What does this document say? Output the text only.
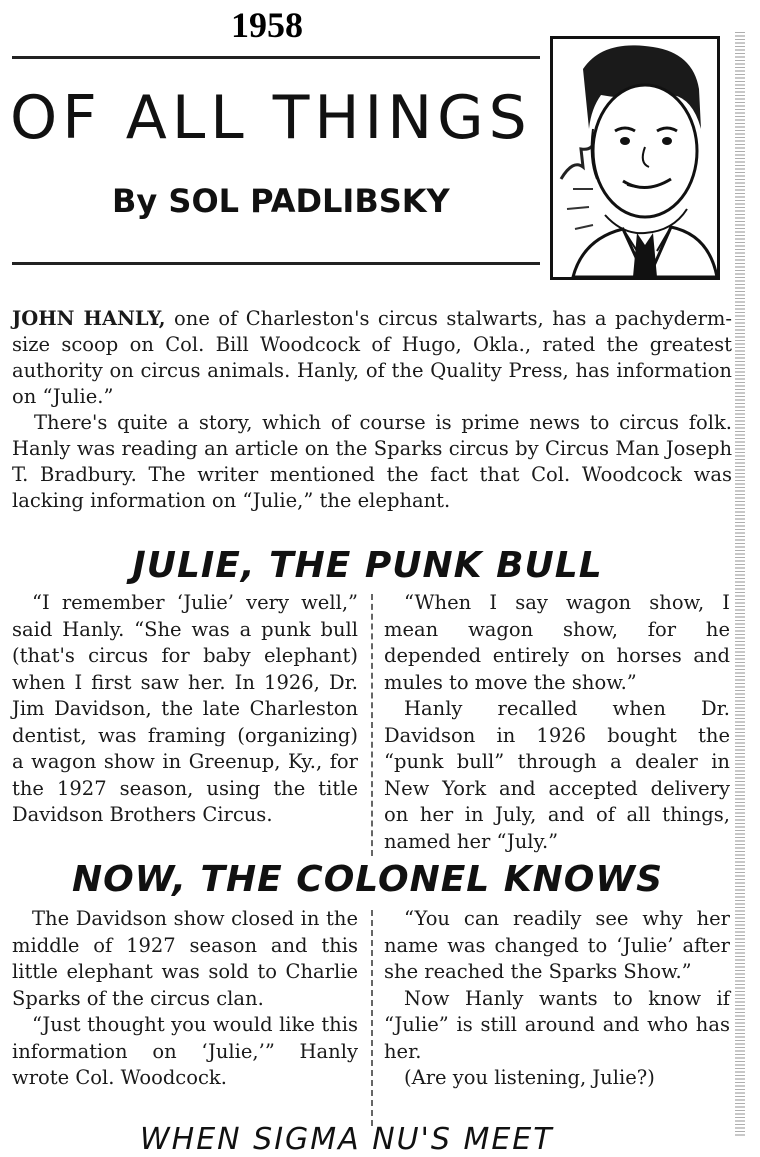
1958
OF ALL THINGS
By SOL PADLIBSKY

JOHN HANLY, one of Charleston's circus stalwarts, has a pachyderm-size scoop on Col. Bill Woodcock of Hugo, Okla., rated the greatest authority on circus animals. Hanly, of the Quality Press, has information on “Julie.”

There's quite a story, which of course is prime news to circus folk. Hanly was reading an article on the Sparks circus by Circus Man Joseph T. Bradbury. The writer mentioned the fact that Col. Woodcock was lacking information on “Julie,” the elephant.

JULIE, THE PUNK BULL

“I remember ‘Julie’ very well,” said Hanly. “She was a punk bull (that's circus for baby elephant) when I first saw her. In 1926, Dr. Jim Davidson, the late Charleston dentist, was framing (organizing) a wagon show in Greenup, Ky., for the 1927 season, using the title Davidson Brothers Circus.

“When I say wagon show, I mean wagon show, for he depended entirely on horses and mules to move the show.”

Hanly recalled when Dr. Davidson in 1926 bought the “punk bull” through a dealer in New York and accepted delivery on her in July, and of all things, named her “July.”

NOW, THE COLONEL KNOWS

The Davidson show closed in the middle of 1927 season and this little elephant was sold to Charlie Sparks of the circus clan.

“Just thought you would like this information on ‘Julie,’” Hanly wrote Col. Woodcock.

“You can readily see why her name was changed to ‘Julie’ after she reached the Sparks Show.”

Now Hanly wants to know if “Julie” is still around and who has her.

(Are you listening, Julie?)

WHEN SIGMA NU'S MEET
